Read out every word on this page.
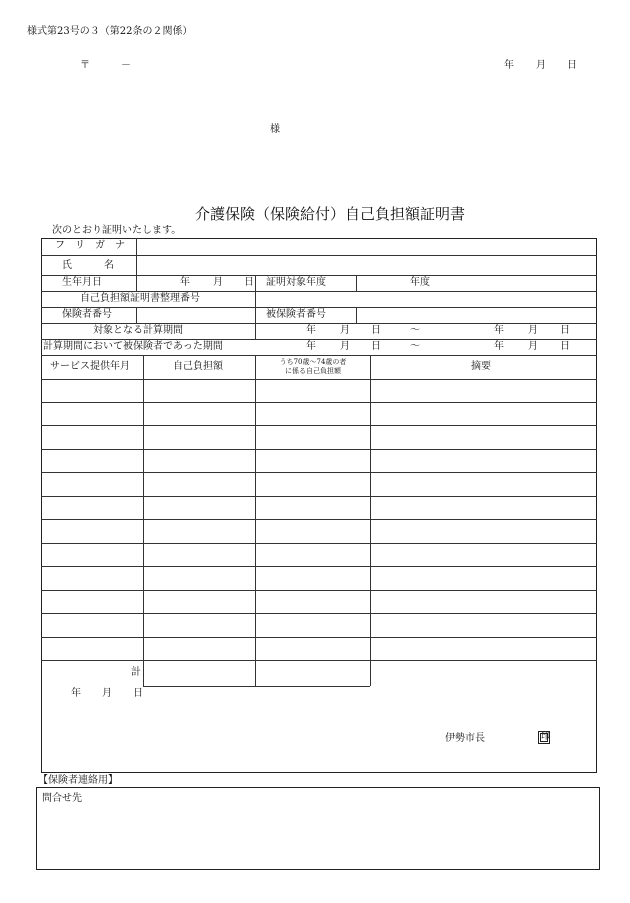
様式第23号の３（第22条の２関係）
〒	－	年 月 日
様
介護保険（保険給付）自己負担額証明書
次のとおり証明いたします。
フ　リ　ガ　ナ
氏	名
生年月日	年 月 日 証明対象年度	年度
自己負担額証明書整理番号
保険者番号	被保険者番号
対象となる計算期間	年 月 日	～	年 月 日
計算期間において被保険者であった期間	年 月 日	～	年 月 日
サービス提供年月	自己負担額	うち70歳～74歳の者
に係る自己負担額	摘要
計
年 月 日
伊勢市長	印
【保険者連絡用】
問合せ先
